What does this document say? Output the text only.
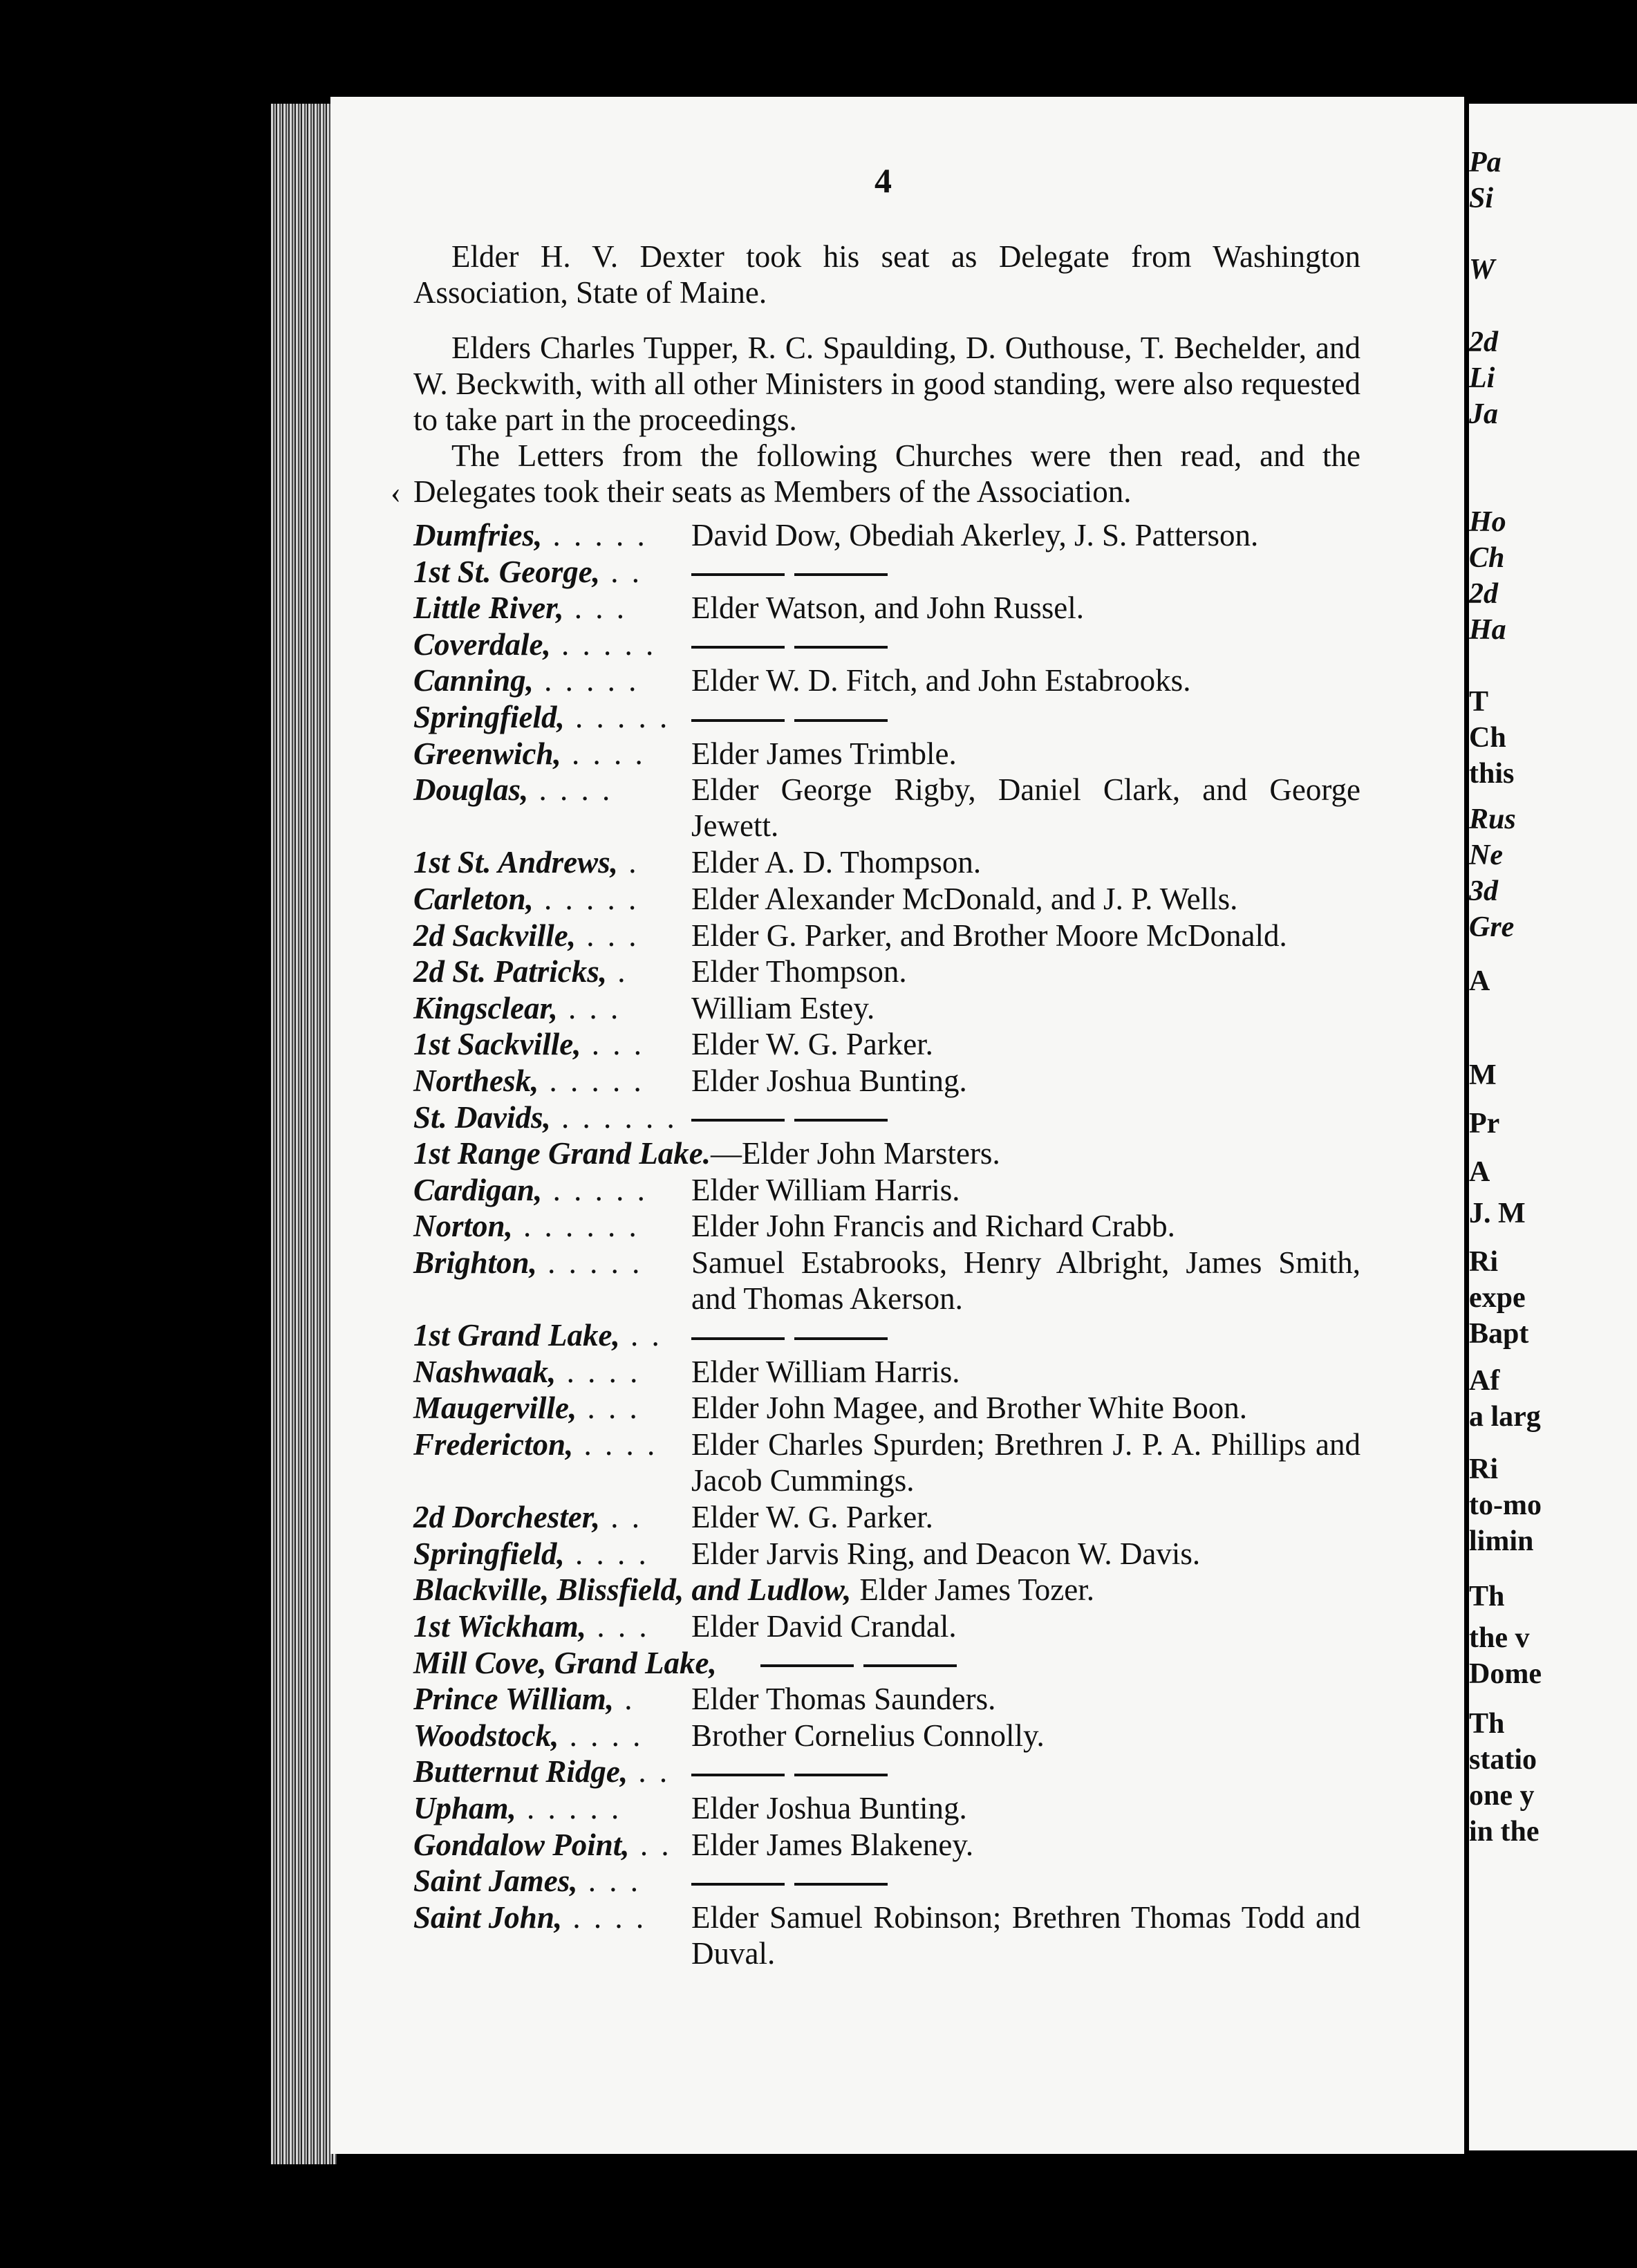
Pa
Si
W
2d
Li
Ja
Ho
Ch
2d
Ha
T
Ch
this
Rus
Ne
3d
Gre
A
M
Pr
A
J. M
Ri
expe
Bapt
Af
a larg
Ri
to-mo
limin
Th
the v
Dome
Th
statio
one y
in the
4
Elder H. V. Dexter took his seat as Delegate from Washington Association, State of Maine.
Elders Charles Tupper, R. C. Spaulding, D. Outhouse, T. Bechelder, and W. Beckwith, with all other Ministers in good standing, were also requested to take part in the proceedings.
The Letters from the following Churches were then read, and the Delegates took their seats as Members of the Association.
‹
Dumfries, . . . . . David Dow, Obediah Akerley, J. S. Patterson.
1st St. George, . .
Little River, . . . Elder Watson, and John Russel.
Coverdale, . . . . .
Canning, . . . . . Elder W. D. Fitch, and John Estabrooks.
Springfield, . . . . .
Greenwich, . . . . Elder James Trimble.
Douglas, . . . .	Elder George Rigby, Daniel Clark, and George Jewett.
1st St. Andrews, . Elder A. D. Thompson.
Carleton, . . . . . Elder Alexander McDonald, and J. P. Wells.
2d Sackville, . . . Elder G. Parker, and Brother Moore McDonald.
2d St. Patricks, . Elder Thompson.
Kingsclear, . . . William Estey.
1st Sackville, . . . Elder W. G. Parker.
Northesk, . . . . . Elder Joshua Bunting.
St. Davids, . . . . . .
1st Range Grand Lake.—Elder John Marsters.
Cardigan, . . . . . Elder William Harris.
Norton, . . . . . . Elder John Francis and Richard Crabb.
Brighton, . . . . . Samuel Estabrooks, Henry Albright, James Smith, and Thomas Akerson.
1st Grand Lake, . .
Nashwaak, . . . . Elder William Harris.
Maugerville, . . . Elder John Magee, and Brother White Boon.
Fredericton, . . . . Elder Charles Spurden; Brethren J. P. A. Phillips and Jacob Cummings.
2d Dorchester, . . Elder W. G. Parker.
Springfield, . . . . Elder Jarvis Ring, and Deacon W. Davis.
Blackville, Blissfield, and Ludlow, Elder James Tozer.
1st Wickham, . . . Elder David Crandal.
Mill Cove, Grand Lake,
Prince William, . Elder Thomas Saunders.
Woodstock, . . . . Brother Cornelius Connolly.
Butternut Ridge, . .
Upham, . . . . . Elder Joshua Bunting.
Gondalow Point, . . Elder James Blakeney.
Saint James, . . .
Saint John, . . . . Elder Samuel Robinson; Brethren Thomas Todd and Duval.
